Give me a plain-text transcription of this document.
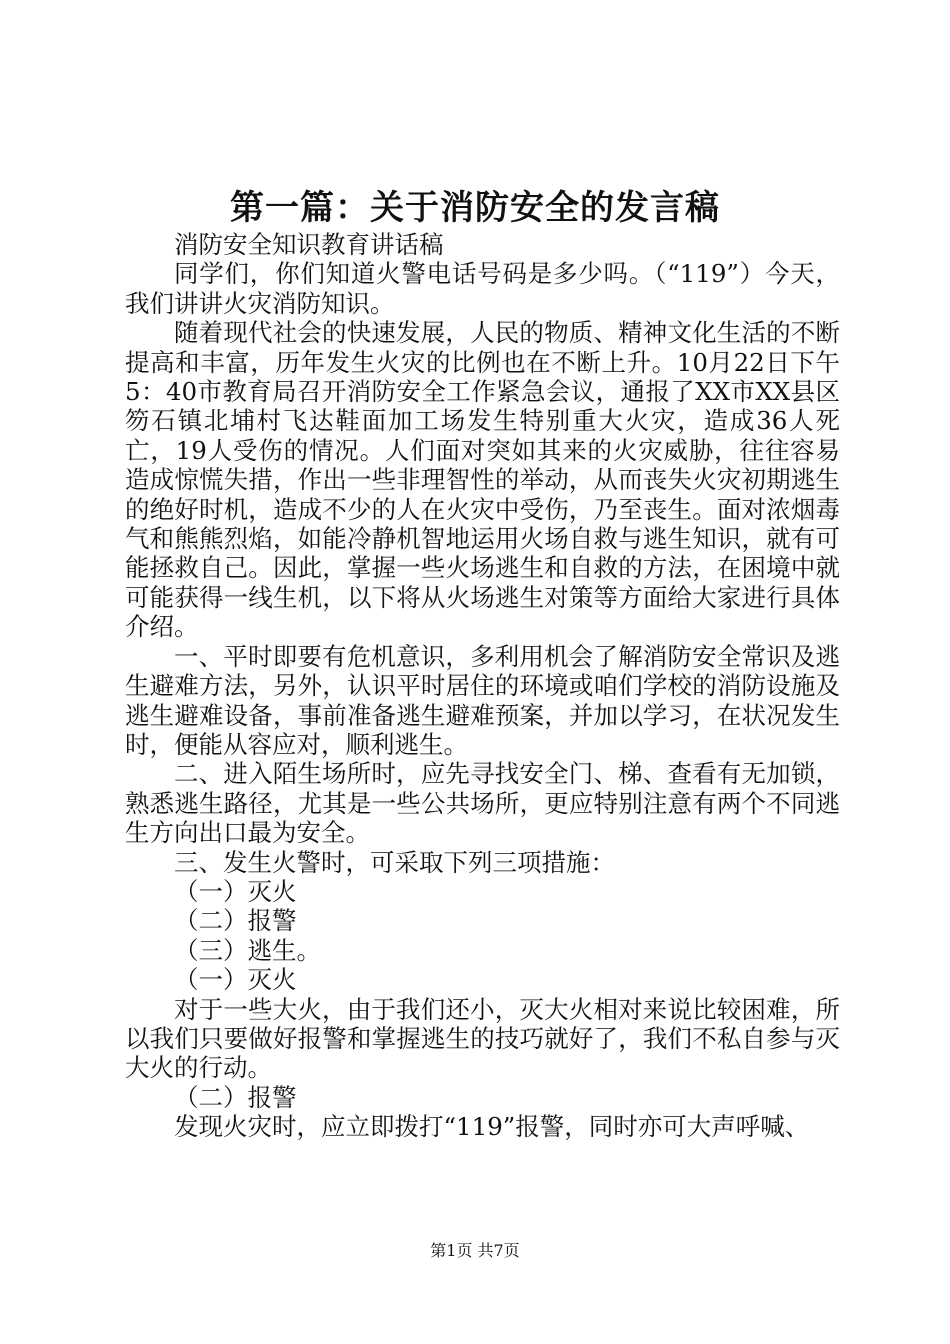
第一篇：关于消防安全的发言稿

消防安全知识教育讲话稿

同学们，你们知道火警电话号码是多少吗。（“119”）今天，我们讲讲火灾消防知识。

随着现代社会的快速发展，人民的物质、精神文化生活的不断提高和丰富，历年发生火灾的比例也在不断上升。10月22日下午5：40市教育局召开消防安全工作紧急会议，通报了XX市XX县区笏石镇北埔村飞达鞋面加工场发生特别重大火灾，造成36人死亡，19人受伤的情况。人们面对突如其来的火灾威胁，往往容易造成惊慌失措，作出一些非理智性的举动，从而丧失火灾初期逃生的绝好时机，造成不少的人在火灾中受伤，乃至丧生。面对浓烟毒气和熊熊烈焰，如能冷静机智地运用火场自救与逃生知识，就有可能拯救自己。因此，掌握一些火场逃生和自救的方法，在困境中就可能获得一线生机，以下将从火场逃生对策等方面给大家进行具体介绍。

一、平时即要有危机意识，多利用机会了解消防安全常识及逃生避难方法，另外，认识平时居住的环境或咱们学校的消防设施及逃生避难设备，事前准备逃生避难预案，并加以学习，在状况发生时，便能从容应对，顺利逃生。

二、进入陌生场所时，应先寻找安全门、梯、查看有无加锁，熟悉逃生路径，尤其是一些公共场所，更应特别注意有两个不同逃生方向出口最为安全。

三、发生火警时，可采取下列三项措施：

（一）灭火

（二）报警

（三）逃生。

（一）灭火

对于一些大火，由于我们还小，灭大火相对来说比较困难，所以我们只要做好报警和掌握逃生的技巧就好了，我们不私自参与灭大火的行动。

（二）报警

发现火灾时，应立即拨打“119”报警，同时亦可大声呼喊、

第1页 共7页
